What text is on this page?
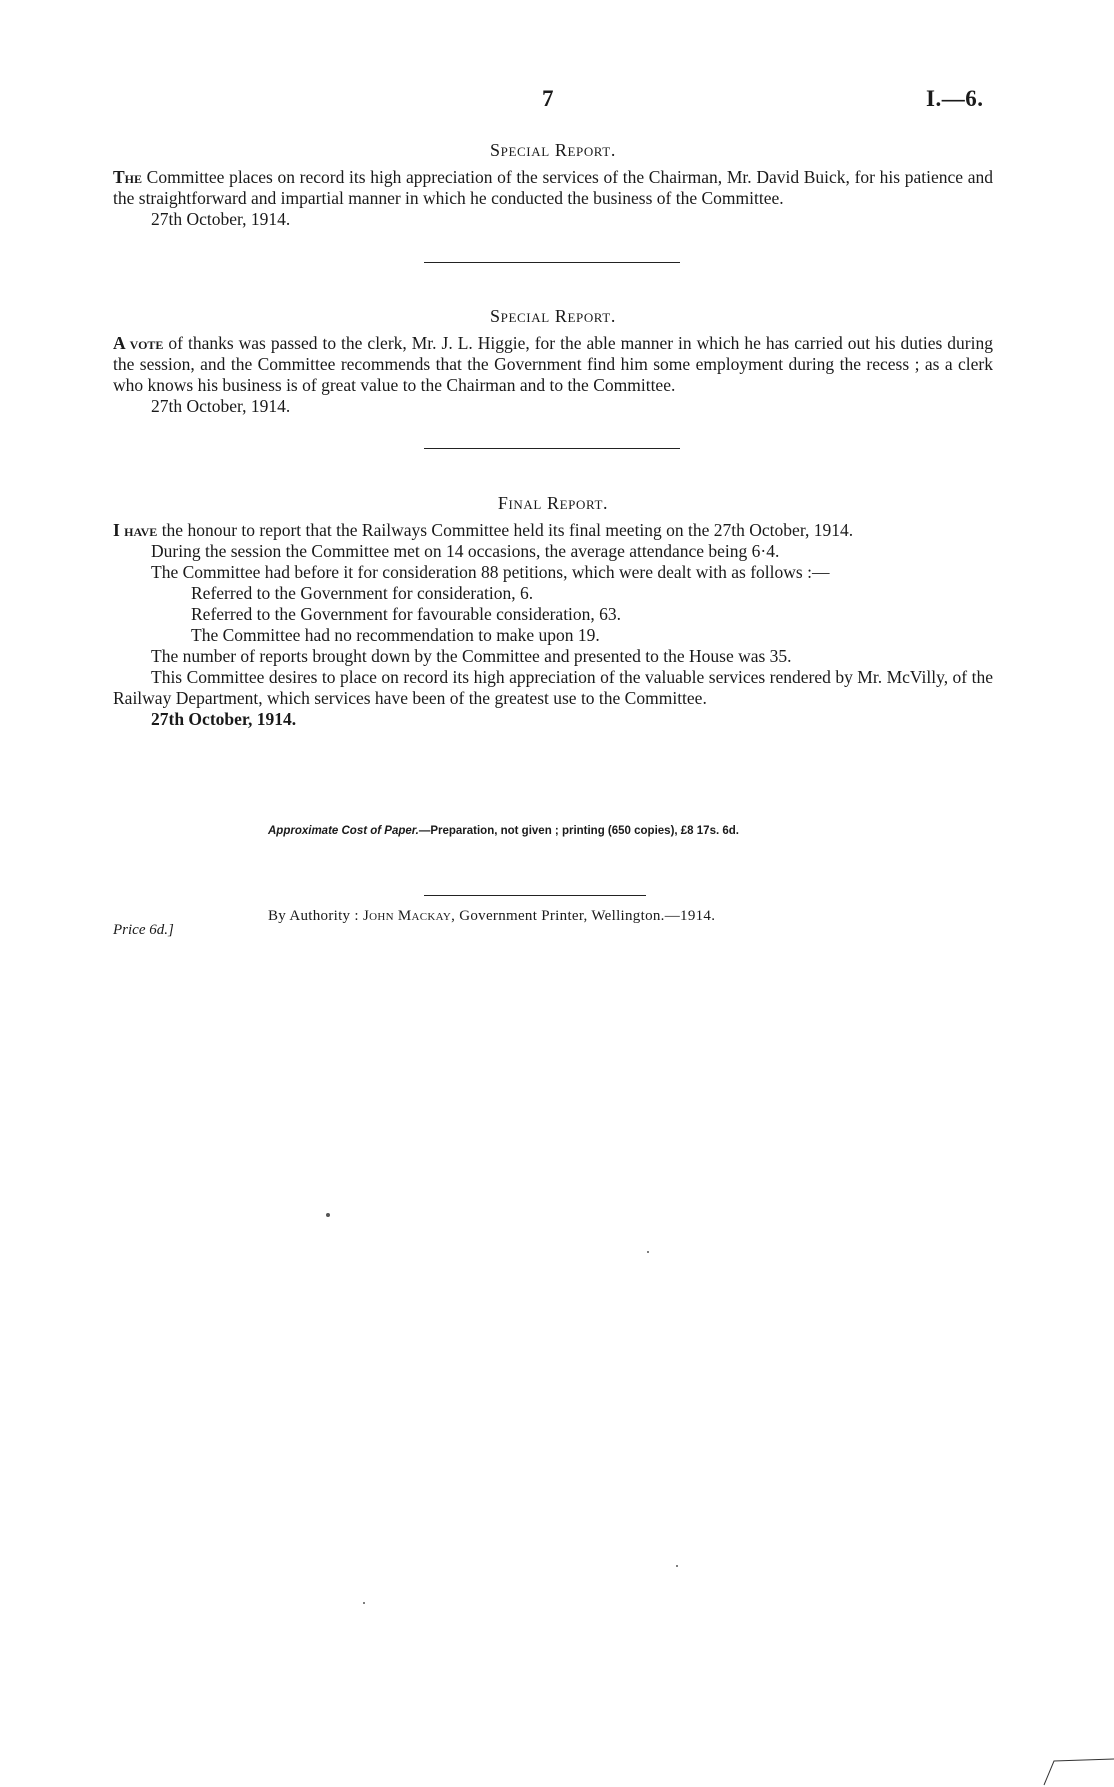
7	I.—6.

Special Report.

The Committee places on record its high appreciation of the services of the Chairman, Mr. David Buick, for his patience and the straightforward and impartial manner in which he conducted the business of the Committee.

27th October, 1914.

Special Report.

A vote of thanks was passed to the clerk, Mr. J. L. Higgie, for the able manner in which he has carried out his duties during the session, and the Committee recommends that the Government find him some employment during the recess ; as a clerk who knows his business is of great value to the Chairman and to the Committee.

27th October, 1914.

Final Report.

I have the honour to report that the Railways Committee held its final meeting on the 27th October, 1914.

During the session the Committee met on 14 occasions, the average attendance being 6·4.

The Committee had before it for consideration 88 petitions, which were dealt with as follows :—

Referred to the Government for consideration, 6.

Referred to the Government for favourable consideration, 63.

The Committee had no recommendation to make upon 19.

The number of reports brought down by the Committee and presented to the House was 35.

This Committee desires to place on record its high appreciation of the valuable services rendered by Mr. McVilly, of the Railway Department, which services have been of the greatest use to the Committee.

27th October, 1914.

Approximate Cost of Paper.—Preparation, not given ; printing (650 copies), £8 17s. 6d.
By Authority : John Mackay, Government Printer, Wellington.—1914.
Price 6d.]
